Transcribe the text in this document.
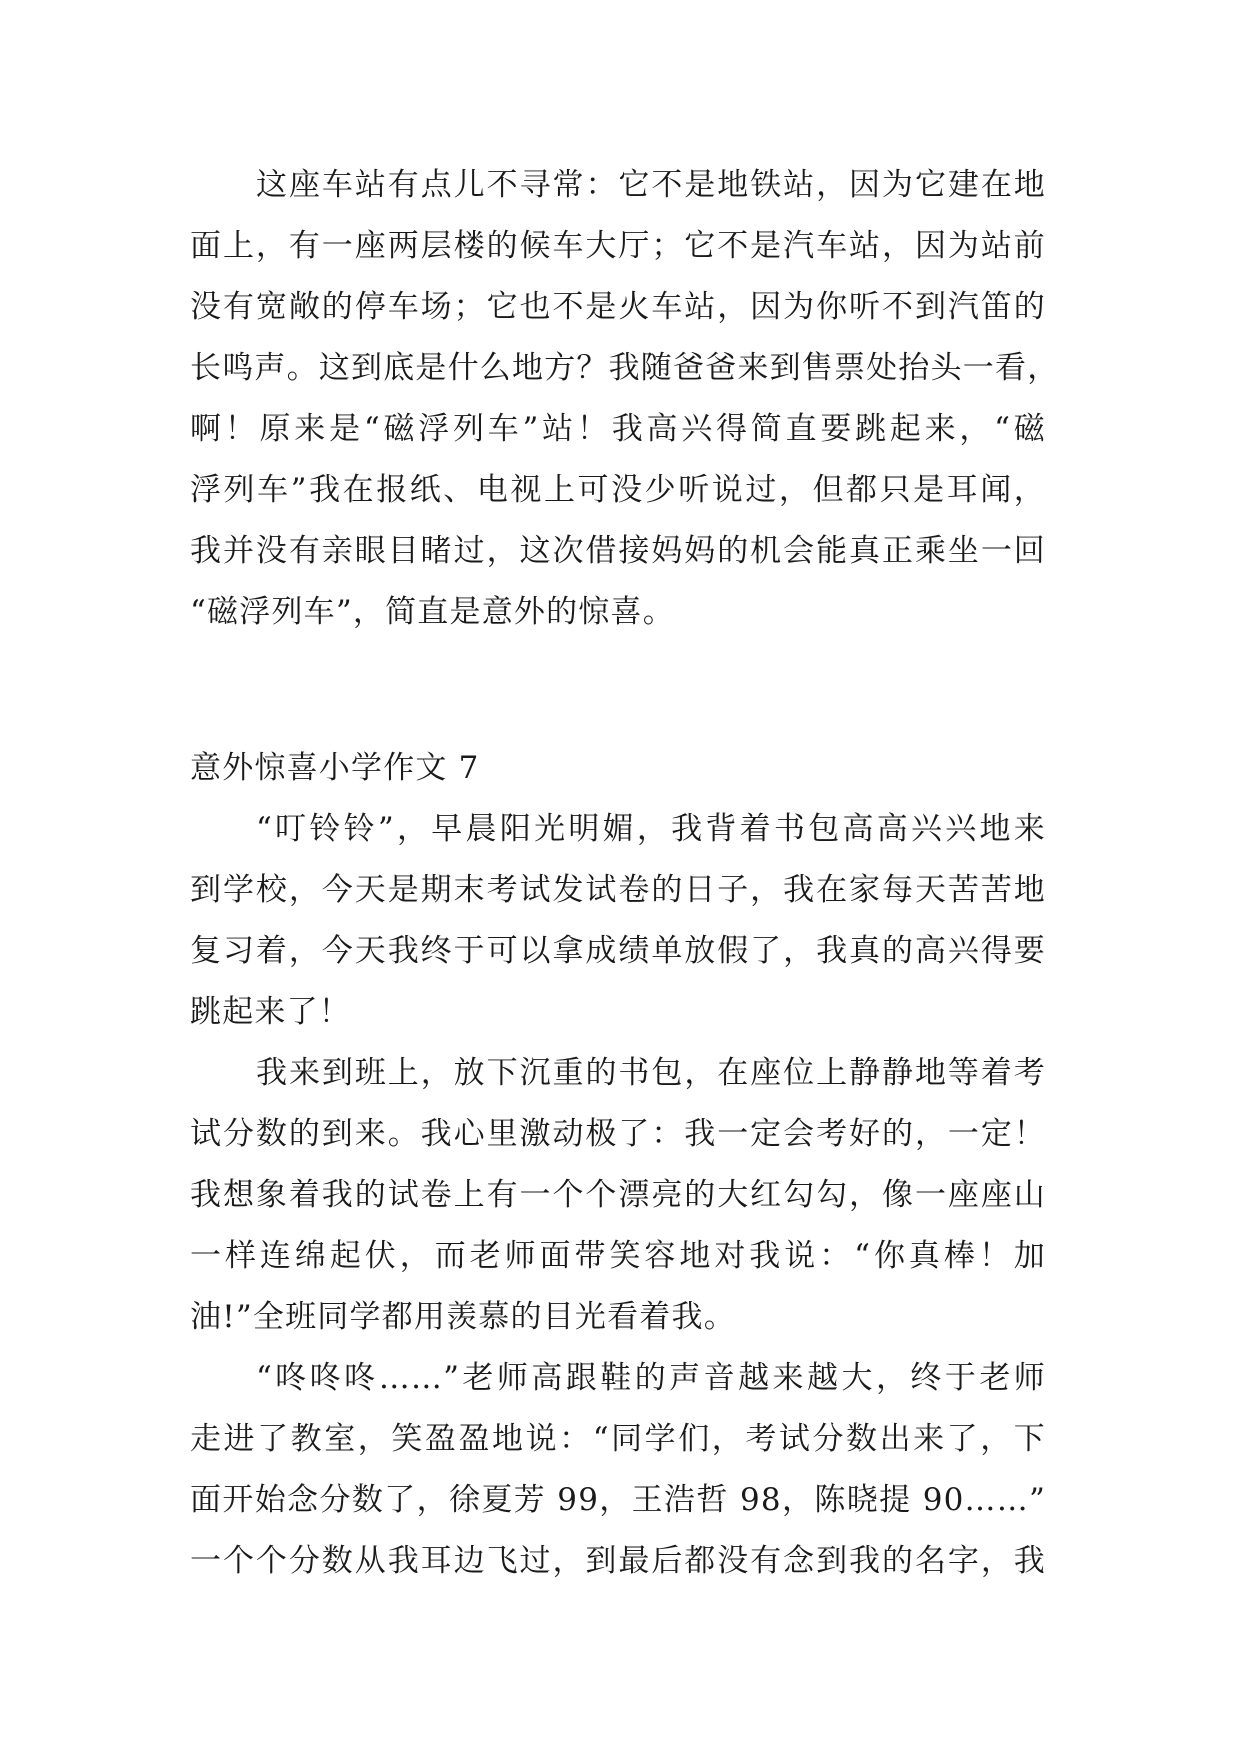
这座车站有点儿不寻常：它不是地铁站，因为它建在地
面上，有一座两层楼的候车大厅；它不是汽车站，因为站前
没有宽敞的停车场；它也不是火车站，因为你听不到汽笛的
长鸣声。这到底是什么地方？我随爸爸来到售票处抬头一看，
啊！原来是“磁浮列车”站！我高兴得简直要跳起来，“磁
浮列车”我在报纸、电视上可没少听说过，但都只是耳闻，
我并没有亲眼目睹过，这次借接妈妈的机会能真正乘坐一回
“磁浮列车”，简直是意外的惊喜。
意外惊喜小学作文 7
“叮铃铃”，早晨阳光明媚，我背着书包高高兴兴地来
到学校，今天是期末考试发试卷的日子，我在家每天苦苦地
复习着，今天我终于可以拿成绩单放假了，我真的高兴得要
跳起来了！
我来到班上，放下沉重的书包，在座位上静静地等着考
试分数的到来。我心里激动极了：我一定会考好的，一定！
我想象着我的试卷上有一个个漂亮的大红勾勾，像一座座山
一样连绵起伏，而老师面带笑容地对我说：“你真棒！加
油!”全班同学都用羡慕的目光看着我。
“咚咚咚……”老师高跟鞋的声音越来越大，终于老师
走进了教室，笑盈盈地说：“同学们，考试分数出来了，下
面开始念分数了，徐夏芳 99，王浩哲 98，陈晓提 90……”
一个个分数从我耳边飞过，到最后都没有念到我的名字，我
